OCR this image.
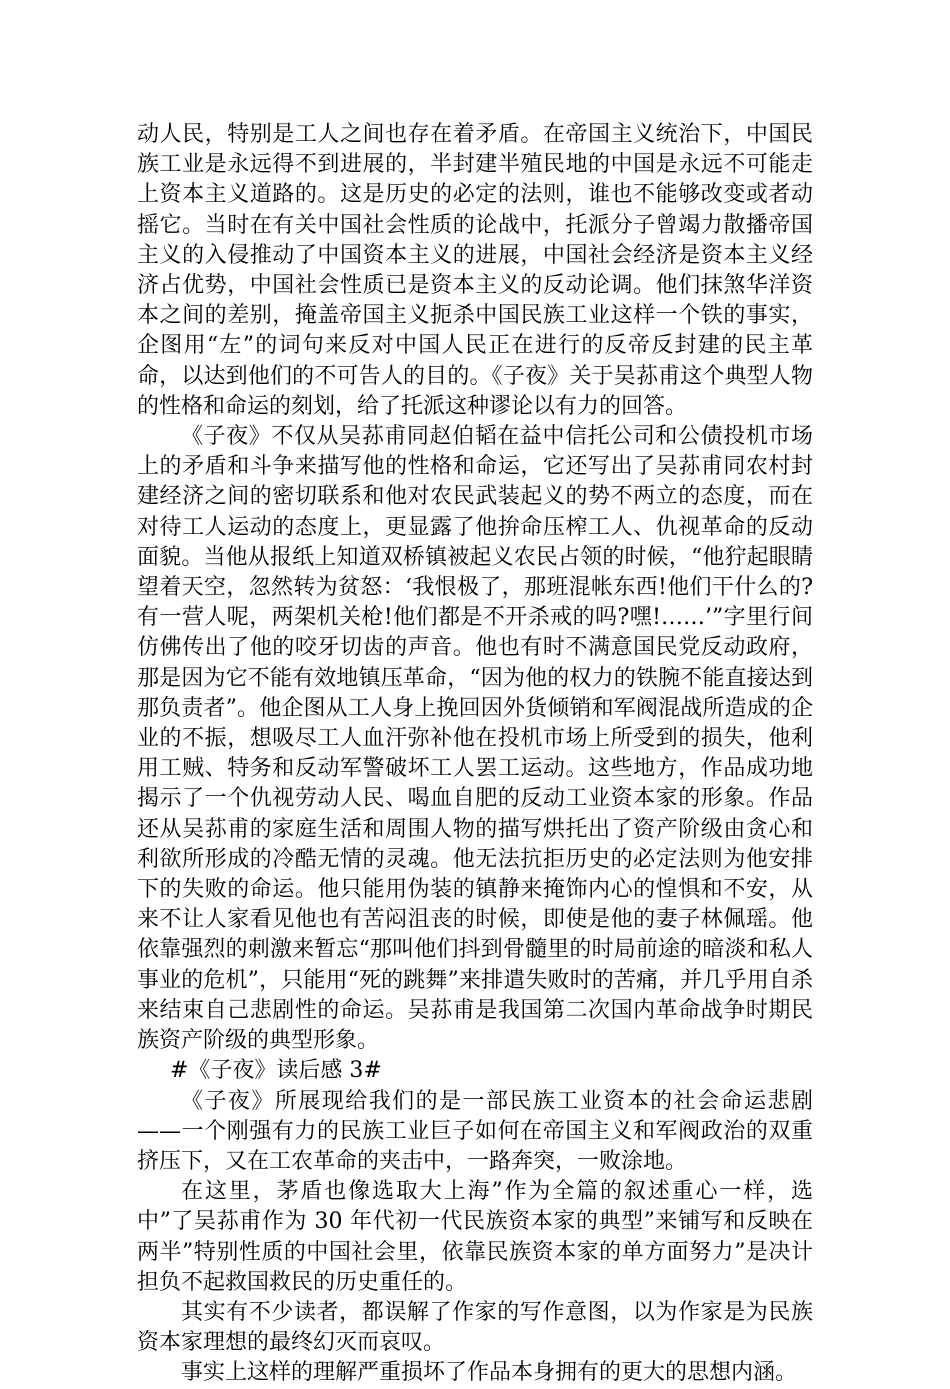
动人民，特别是工人之间也存在着矛盾。在帝国主义统治下，中国民族工业是永远得不到进展的，半封建半殖民地的中国是永远不可能走上资本主义道路的。这是历史的必定的法则，谁也不能够改变或者动摇它。当时在有关中国社会性质的论战中，托派分子曾竭力散播帝国主义的入侵推动了中国资本主义的进展，中国社会经济是资本主义经济占优势，中国社会性质已是资本主义的反动论调。他们抹煞华洋资本之间的差别，掩盖帝国主义扼杀中国民族工业这样一个铁的事实，企图用“左”的词句来反对中国人民正在进行的反帝反封建的民主革命，以达到他们的不可告人的目的。《子夜》关于吴荪甫这个典型人物的性格和命运的刻划，给了托派这种谬论以有力的回答。

《子夜》不仅从吴荪甫同赵伯韬在益中信托公司和公债投机市场上的矛盾和斗争来描写他的性格和命运，它还写出了吴荪甫同农村封建经济之间的密切联系和他对农民武装起义的势不两立的态度，而在对待工人运动的态度上，更显露了他拚命压榨工人、仇视革命的反动面貌。当他从报纸上知道双桥镇被起义农民占领的时候，“他狞起眼睛望着天空，忽然转为贫怒：‘我恨极了，那班混帐东西!他们干什么的?有一营人呢，两架机关枪!他们都是不开杀戒的吗?嘿!……’”字里行间仿佛传出了他的咬牙切齿的声音。他也有时不满意国民党反动政府，那是因为它不能有效地镇压革命，“因为他的权力的铁腕不能直接达到那负责者”。他企图从工人身上挽回因外货倾销和军阀混战所造成的企业的不振，想吸尽工人血汗弥补他在投机市场上所受到的损失，他利用工贼、特务和反动军警破坏工人罢工运动。这些地方，作品成功地揭示了一个仇视劳动人民、喝血自肥的反动工业资本家的形象。作品还从吴荪甫的家庭生活和周围人物的描写烘托出了资产阶级由贪心和利欲所形成的冷酷无情的灵魂。他无法抗拒历史的必定法则为他安排下的失败的命运。他只能用伪装的镇静来掩饰内心的惶惧和不安，从来不让人家看见他也有苦闷沮丧的时候，即使是他的妻子林佩瑶。他依靠强烈的刺激来暂忘“那叫他们抖到骨髓里的时局前途的暗淡和私人事业的危机”，只能用“死的跳舞”来排遣失败时的苦痛，并几乎用自杀来结束自己悲剧性的命运。吴荪甫是我国第二次国内革命战争时期民族资产阶级的典型形象。

#《子夜》读后感 3#

《子夜》所展现给我们的是一部民族工业资本的社会命运悲剧——一个刚强有力的民族工业巨子如何在帝国主义和军阀政治的双重挤压下，又在工农革命的夹击中，一路奔突，一败涂地。

在这里，茅盾也像选取大上海”作为全篇的叙述重心一样，选中”了吴荪甫作为 30 年代初一代民族资本家的典型”来铺写和反映在两半”特别性质的中国社会里，依靠民族资本家的单方面努力”是决计担负不起救国救民的历史重任的。

其实有不少读者，都误解了作家的写作意图，以为作家是为民族资本家理想的最终幻灭而哀叹。

事实上这样的理解严重损坏了作品本身拥有的更大的思想内涵。
